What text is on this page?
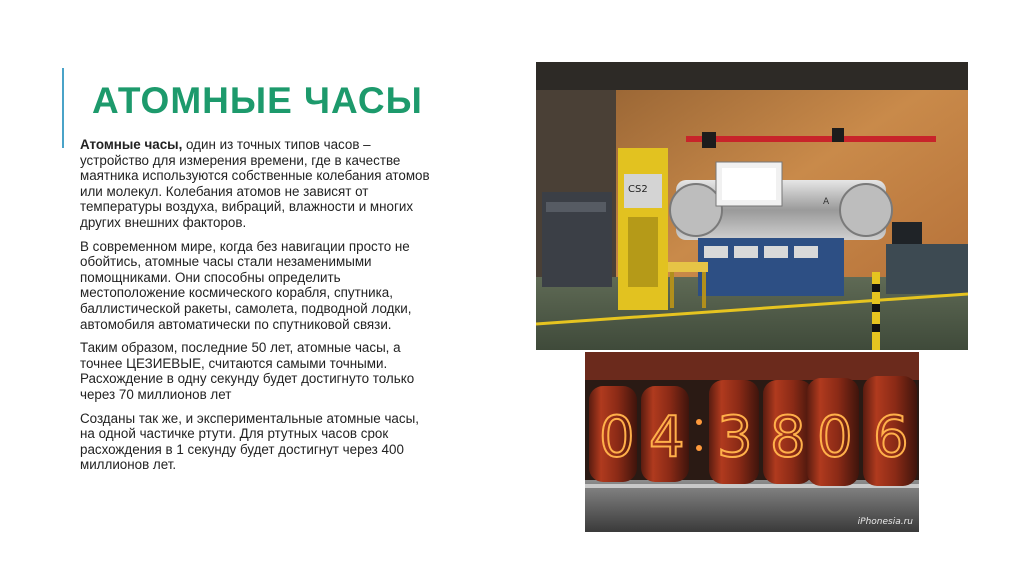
АТОМНЫЕ ЧАСЫ

Атомные часы, один из точных типов часов – устройство для измерения времени, где в качестве маятника используются собственные колебания атомов или молекул. Колебания атомов не зависят от температуры воздуха, вибраций, влажности и многих других внешних факторов.

В современном мире, когда без навигации просто не обойтись, атомные часы стали незаменимыми помощниками. Они способны определить местоположение космического корабля, спутника, баллистической ракеты, самолета, подводной лодки, автомобиля автоматически по спутниковой связи.

Таким образом, последние 50 лет, атомные часы, а точнее ЦЕЗИЕВЫЕ, считаются самыми точными. Расхождение в одну секунду будет достигнуто только через 70 миллионов лет

Созданы так же, и экспериментальные атомные часы, на одной частичке ртути. Для ртутных часов срок расхождения в 1 секунду будет достигнут через 400 миллионов лет.

CS2
A
0 4 3 8 0 6
iPhonesia.ru
